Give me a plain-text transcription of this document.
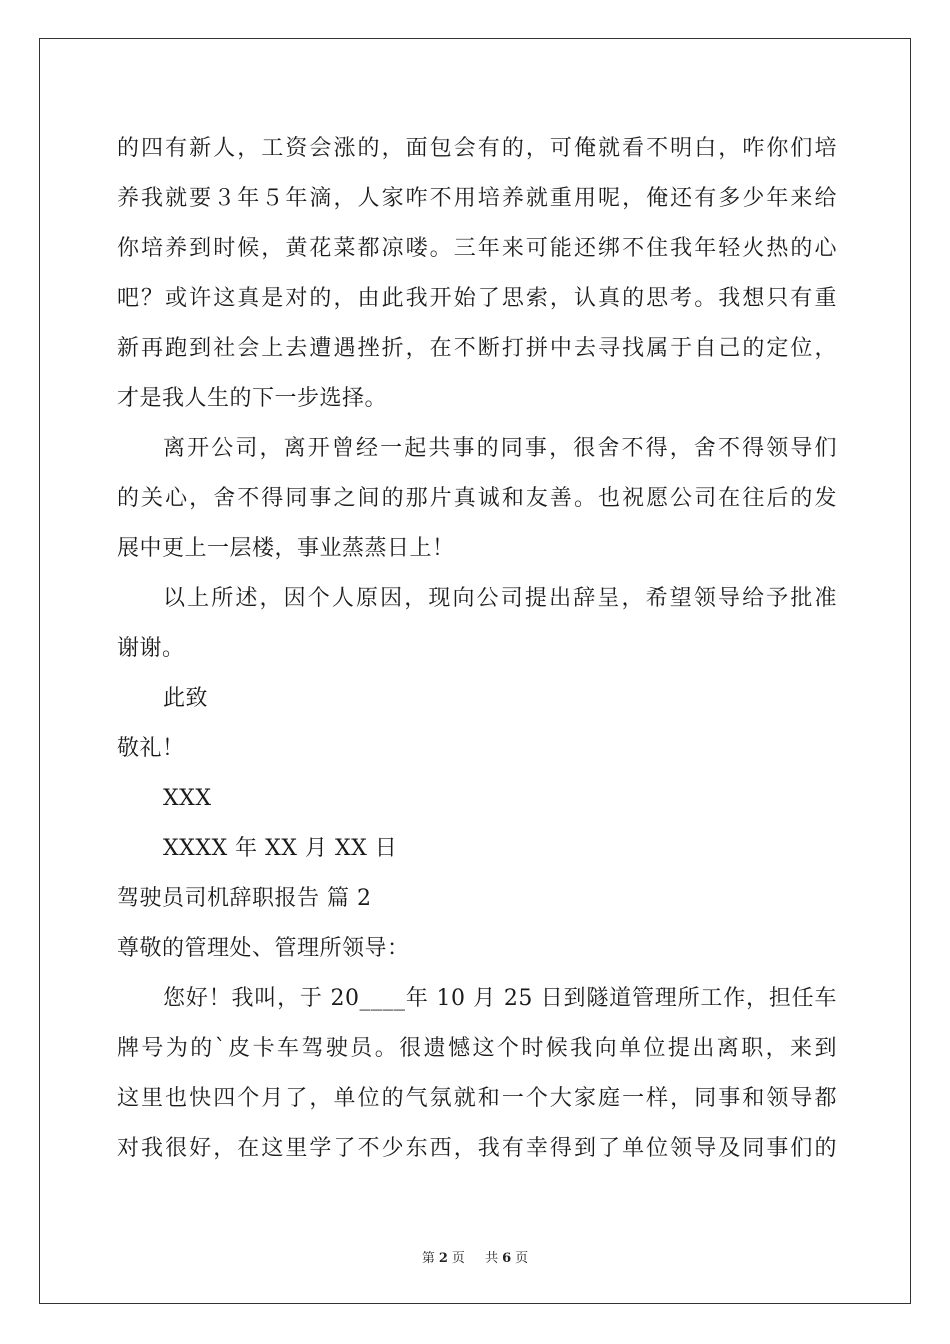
的四有新人，工资会涨的，面包会有的，可俺就看不明白，咋你们培
养我就要３年５年滴，人家咋不用培养就重用呢，俺还有多少年来给
你培养到时候，黄花菜都凉喽。三年来可能还绑不住我年轻火热的心
吧？或许这真是对的，由此我开始了思索，认真的思考。我想只有重
新再跑到社会上去遭遇挫折，在不断打拼中去寻找属于自己的定位，
才是我人生的下一步选择。
离开公司，离开曾经一起共事的同事，很舍不得，舍不得领导们
的关心，舍不得同事之间的那片真诚和友善。也祝愿公司在往后的发
展中更上一层楼，事业蒸蒸日上！
以上所述，因个人原因，现向公司提出辞呈，希望领导给予批准
谢谢。
此致
敬礼！
XXX
XXXX 年 XX 月 XX 日
驾驶员司机辞职报告 篇 2
尊敬的管理处、管理所领导：
您好！我叫，于 20____年 10 月 25 日到隧道管理所工作，担任车
牌号为的`皮卡车驾驶员。很遗憾这个时候我向单位提出离职，来到
这里也快四个月了，单位的气氛就和一个大家庭一样，同事和领导都
对我很好，在这里学了不少东西，我有幸得到了单位领导及同事们的
第 2 页 共 6 页
